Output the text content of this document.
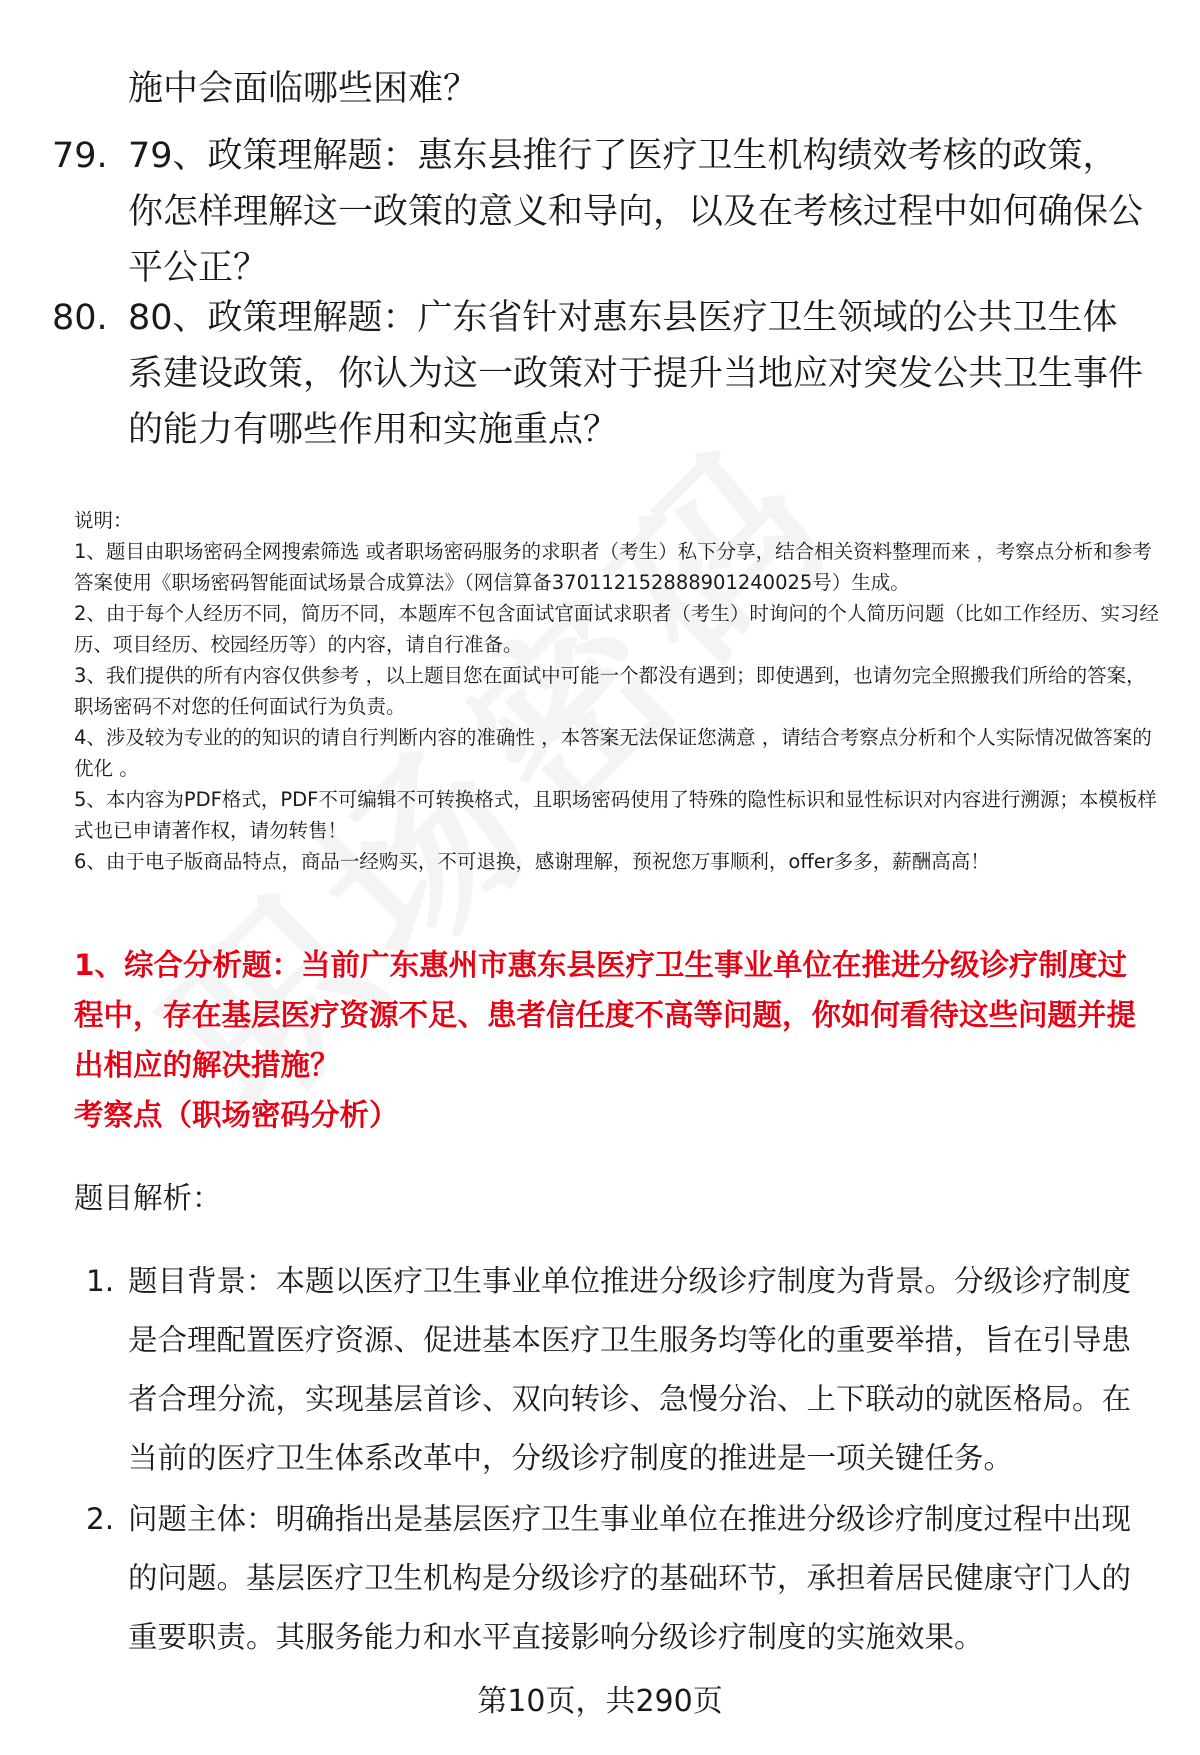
施中会面临哪些困难？
79. 79、政策理解题：惠东县推行了医疗卫生机构绩效考核的政策，你怎样理解这一政策的意义和导向，以及在考核过程中如何确保公平公正？
80. 80、政策理解题：广东省针对惠东县医疗卫生领域的公共卫生体系建设政策，你认为这一政策对于提升当地应对突发公共卫生事件的能力有哪些作用和实施重点？
说明：
1、题目由职场密码全网搜索筛选 或者职场密码服务的求职者（考生）私下分享，结合相关资料整理而来 ，考察点分析和参考答案使用《职场密码智能面试场景合成算法》（网信算备370112152888901240025号）生成。
2、由于每个人经历不同，简历不同，本题库不包含面试官面试求职者（考生）时询问的个人简历问题（比如工作经历、实习经历、项目经历、校园经历等）的内容，请自行准备。
3、我们提供的所有内容仅供参考 ，以上题目您在面试中可能一个都没有遇到；即使遇到，也请勿完全照搬我们所给的答案，职场密码不对您的任何面试行为负责。
4、涉及较为专业的的知识的请自行判断内容的准确性 ，本答案无法保证您满意 ，请结合考察点分析和个人实际情况做答案的优化 。
5、本内容为PDF格式，PDF不可编辑不可转换格式，且职场密码使用了特殊的隐性标识和显性标识对内容进行溯源；本模板样式也已申请著作权，请勿转售！
6、由于电子版商品特点，商品一经购买，不可退换，感谢理解，预祝您万事顺利，offer多多，薪酬高高！
1、综合分析题：当前广东惠州市惠东县医疗卫生事业单位在推进分级诊疗制度过程中，存在基层医疗资源不足、患者信任度不高等问题，你如何看待这些问题并提出相应的解决措施？
考察点（职场密码分析）
题目解析：
1. 题目背景：本题以医疗卫生事业单位推进分级诊疗制度为背景。分级诊疗制度是合理配置医疗资源、促进基本医疗卫生服务均等化的重要举措，旨在引导患者合理分流，实现基层首诊、双向转诊、急慢分治、上下联动的就医格局。在当前的医疗卫生体系改革中，分级诊疗制度的推进是一项关键任务。
2. 问题主体：明确指出是基层医疗卫生事业单位在推进分级诊疗制度过程中出现的问题。基层医疗卫生机构是分级诊疗的基础环节，承担着居民健康守门人的重要职责。其服务能力和水平直接影响分级诊疗制度的实施效果。
第10页，共290页
